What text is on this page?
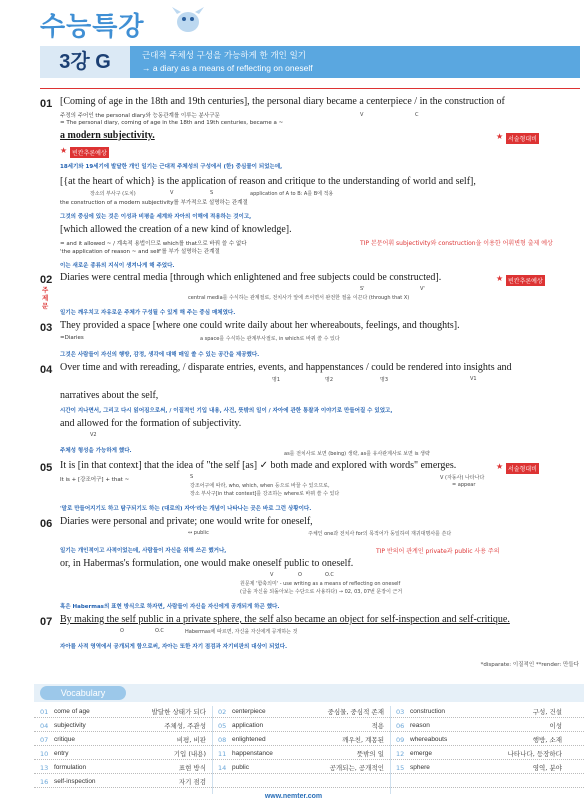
수능특강
3강 G	근대적 주체성 구성을 가능하게 한 개인 일기
→ a diary as a means of reflecting on oneself
01 [Coming of age in the 18th and 19th centuries], the personal diary became a centerpiece / in the construction of
주정의 주어인 the personal diary와 능동관계를 이루는 분사구문	V	C
= The personal diary, coming of age in the 18th and 19th centuries, became a ~
a modern subjectivity.	★ 서술형대비
★ 빈칸추론예상
18세기와 19세기에 발달한 개인 일기는 근대적 주체성의 구성에서 (한) 중심물이 되었는데,
[{at the heart of which} is the application of reason and critique to the understanding of world and self],
장소의 부사구 (도치)	V	S	application of A to B: A를 B에 적용
the construction of a modern subjectivity를 부가적으로 설명하는 관계절
그것의 중심에 있는 것은 이성과 비평을 세계와 자아의 이해에 적용하는 것이고,
[which allowed the creation of a new kind of knowledge].
= and it allowed ~ / 계속적 용법이므로 which를 that으로 바꿔 쓸 수 없다
'the application of reason ~ and self'를 부가 설명하는 관계절
TIP 본문어휘 subjectivity와 construction을 이용한 어휘변형 출제 예상
이는 새로운 종류의 지식이 생겨나게 해 주었다.
02
주 제 문
Diaries were central media [through which enlightened and free subjects could be constructed].	★ 빈칸추론예상
S'	V'
central media를 수식하는 관계절로, 전치사가 앞에 쓰이면서 완전한 절을 이끈다 (through that X)
일기는 깨우치고 자유로운 주체가 구성될 수 있게 해 주는 중심 매체였다.
03 They provided a space [where one could write daily about her whereabouts, feelings, and thoughts].
=Diaries	a space를 수식하는 관계부사절로, in which로 바꿔 쓸 수 있다
그것은 사람들이 자신의 행방, 감정, 생각에 대해 매일 쓸 수 있는 공간을 제공했다.
04 Over time and with rereading, / disparate entries, events, and happenstances / could be rendered into insights and
명1	명2	명3	V1
narratives about the self,
시간이 지나면서, 그리고 다시 읽어짐으로써, / 이질적인 기입 내용, 사건, 뜻밖의 일이 / 자아에 관한 통찰과 이야기로 만들어질 수 있었고,
and allowed for the formation of subjectivity.
V2
주체성 형성을 가능하게 했다.
05 It is [in that context] that the idea of "the self [as] ✓ both made and explored with words" emerges.	★ 서술형대비
as를 전치사로 보면 (being) 생략, as를 유사관계사로 보면 is 생략
It is + [강조어구] + that ~	S	V (자동사) 나타나다
= appear
강조어구에 따라, who, which, when 등으로 바꿀 수 있으므로,
장소 부사구[in that context]를 강조하는 where로 바꿔 쓸 수 있다
'말로 만들어지기도 하고 탐구되기도 하는 (대로의) 자아'라는 개념이 나타나는 곳은 바로 그런 상황이다.
06 Diaries were personal and private; one would write for oneself,
↔ public	주체인 one과 전치사 for의 목적어가 동일하여 재귀대명사를 쓴다
일기는 개인적이고 사적이었는데, 사람들이 자신을 위해 쓰곤 했거나,	TIP 반의어 관계인 private과 public 사용 주의
or, in Habermas's formulation, one would make oneself public to oneself.
V	O	O.C
원문제 '함축의미' - use writing as a means of reflecting on oneself
(글을 자신을 되돌아보는 수단으로 사용하다) → 02, 03, 07번 문장이 근거
혹은 Habermas의 표현 방식으로 하자면, 사람들이 자신을 자신에게 공개되게 하곤 했다.
07 By making the self public in a private sphere, the self also became an object for self-inspection and self-critique.
O	O.C	Habermas에 따르면, 자신을 자신에게 공개하는 것
자아를 사적 영역에서 공개되게 함으로써, 자아는 또한 자기 점검과 자기비판의 대상이 되었다.
*disparate: 이질적인 **render: 만들다
Vocabulary
01 come of age	발달한 상태가 되다 02 centerpiece	중심물, 중심적 존재 03 construction	구성, 건설
04 subjectivity	주체성, 주관성 05 application	적용 06 reason	이성
07 critique	비평, 비판 08 enlightened	깨우친, 계몽된 09 whereabouts	행방, 소재
10 entry	기입 (내용) 11 happenstance	뜻밖의 일 12 emerge	나타나다, 등장하다
13 formulation	표현 방식 14 public	공개되는, 공개적인 15 sphere	영역, 분야
16 self-inspection	자기 점검
www.nemter.com
